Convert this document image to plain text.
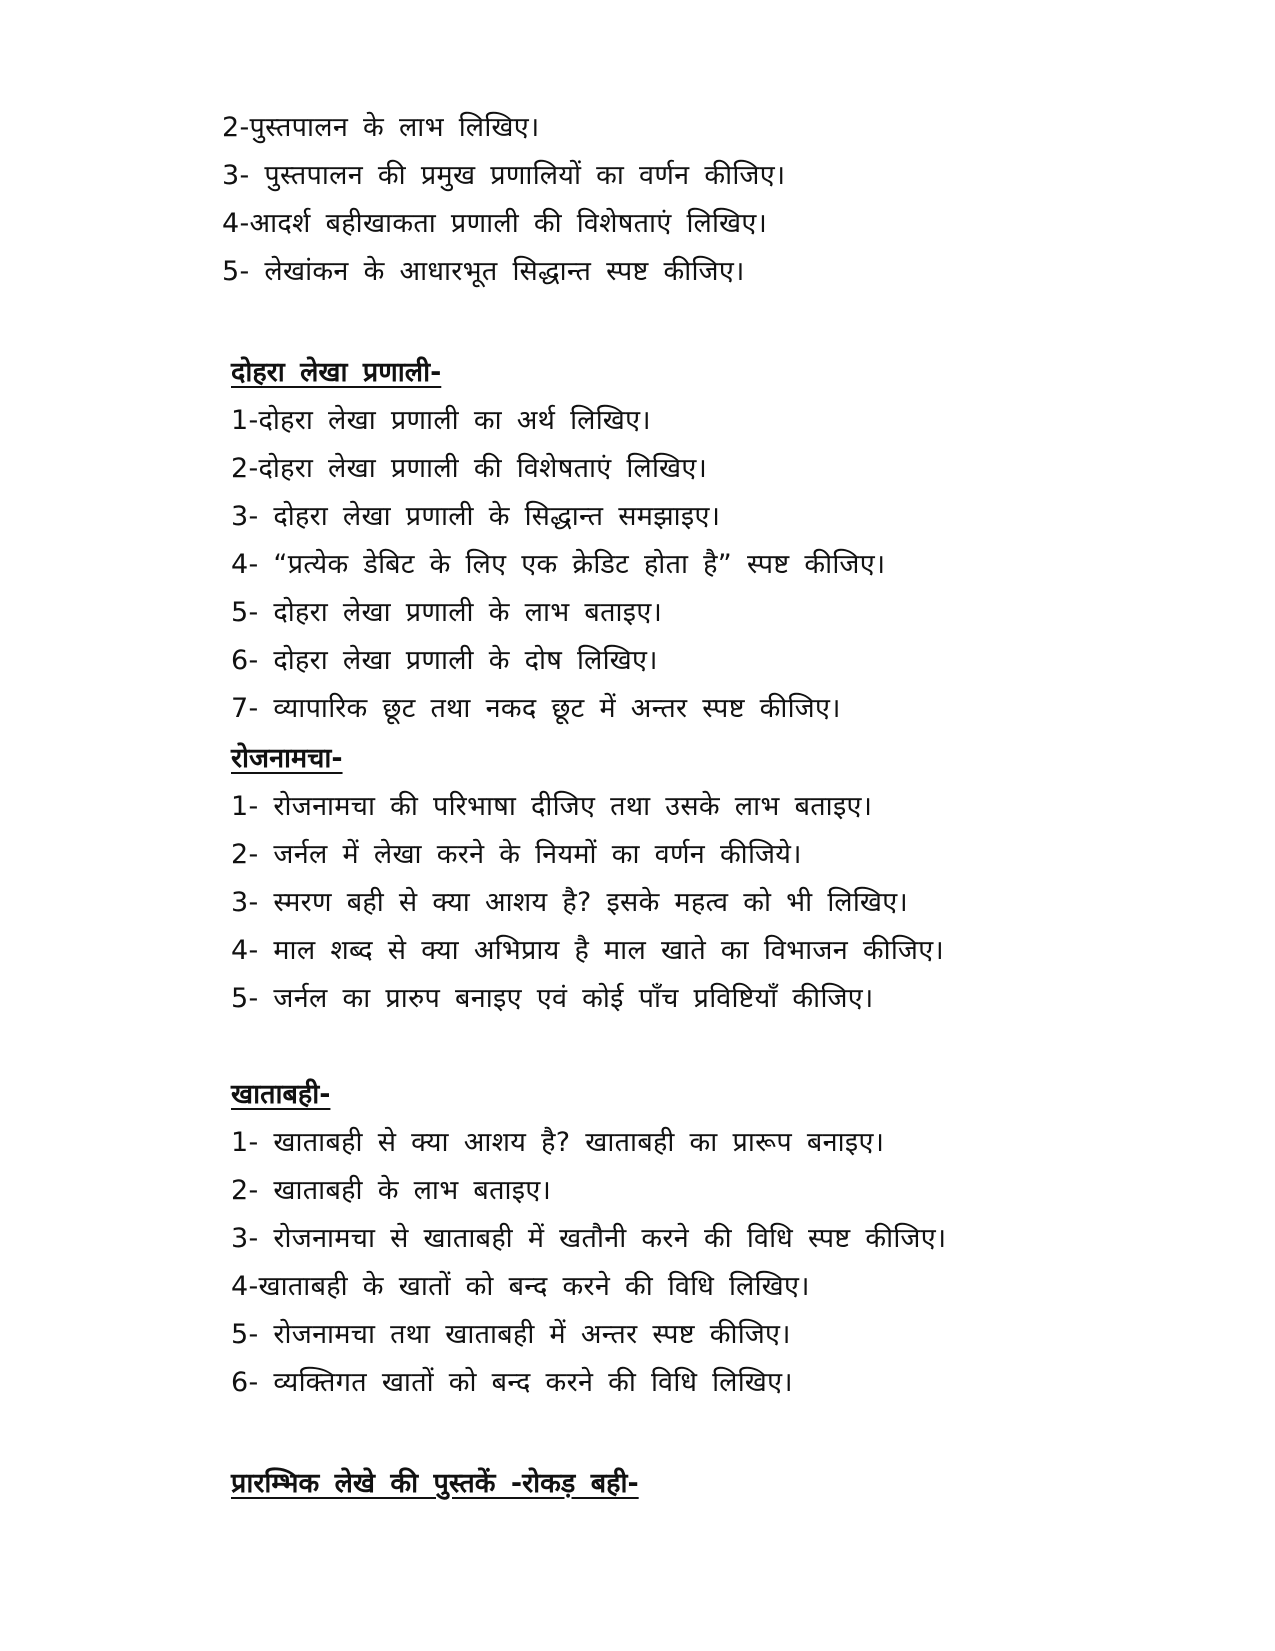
2-पुस्तपालन के लाभ लिखिए।
3- पुस्तपालन की प्रमुख प्रणालियों का वर्णन कीजिए।
4-आदर्श बहीखाकता प्रणाली की विशेषताएं लिखिए।
5- लेखांकन के आधारभूत सिद्धान्त स्पष्ट कीजिए।
दोहरा लेखा प्रणाली-
1-दोहरा लेखा प्रणाली का अर्थ लिखिए।
2-दोहरा लेखा प्रणाली की विशेषताएं लिखिए।
3- दोहरा लेखा प्रणाली के सिद्धान्त समझाइए।
4- “प्रत्येक डेबिट के लिए एक क्रेडिट होता है” स्पष्ट कीजिए।
5- दोहरा लेखा प्रणाली के लाभ बताइए।
6- दोहरा लेखा प्रणाली के दोष लिखिए।
7- व्यापारिक छूट तथा नकद छूट में अन्तर स्पष्ट कीजिए।
रोजनामचा-
1- रोजनामचा की परिभाषा दीजिए तथा उसके लाभ बताइए।
2- जर्नल में लेखा करने के नियमों का वर्णन कीजिये।
3- स्मरण बही से क्या आशय है? इसके महत्व को भी लिखिए।
4- माल शब्द से क्या अभिप्राय है माल खाते का विभाजन कीजिए।
5- जर्नल का प्रारुप बनाइए एवं कोई पाँच प्रविष्टियाँ कीजिए।
खाताबही-
1- खाताबही से क्या आशय है? खाताबही का प्रारूप बनाइए।
2- खाताबही के लाभ बताइए।
3- रोजनामचा से खाताबही में खतौनी करने की विधि स्पष्ट कीजिए।
4-खाताबही के खातों को बन्द करने की विधि लिखिए।
5- रोजनामचा तथा खाताबही में अन्तर स्पष्ट कीजिए।
6- व्यक्तिगत खातों को बन्द करने की विधि लिखिए।
प्रारम्भिक लेखे की पुस्तकें -रोकड़ बही-
